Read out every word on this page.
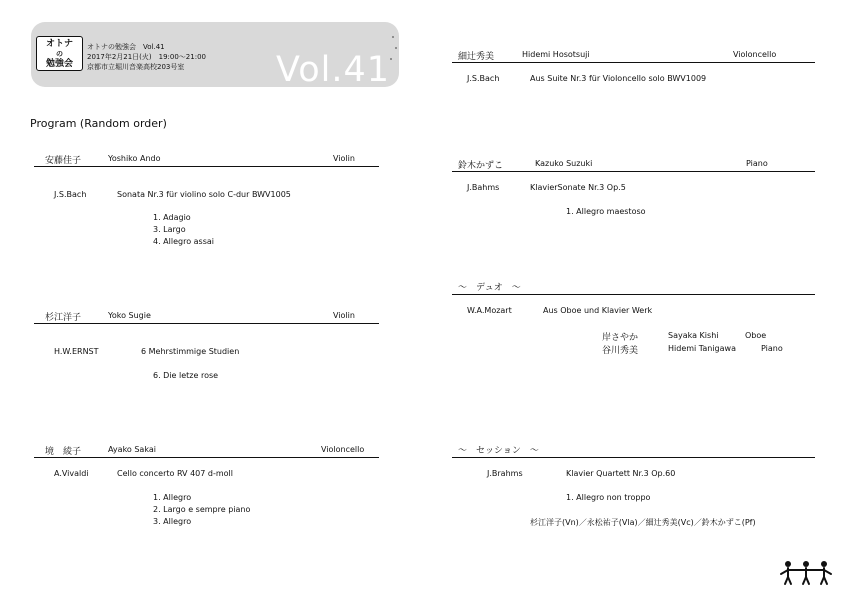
オトナ
の
勉強会
オトナの勉強会　Vol.41
2017年2月21日(火)　19:00～21:00
京都市立堀川音楽高校203号室	Vol.41
Program (Random order)
安藤佳子	Yoshiko Ando	Violin
J.S.Bach	Sonata Nr.3 für violino solo C-dur BWV1005
1. Adagio
3. Largo
4. Allegro assai
杉江洋子	Yoko Sugie	Violin
H.W.ERNST	6 Mehrstimmige Studien
6. Die letze rose
境　綾子	Ayako Sakai	Violoncello
A.Vivaldi	Cello concerto RV 407 d-moll
1. Allegro
2. Largo e sempre piano
3. Allegro
細辻秀美	Hidemi Hosotsuji	Violoncello
J.S.Bach	Aus Suite Nr.3 für Violoncello solo BWV1009
鈴木かずこ	Kazuko Suzuki	Piano
J.Bahms	KlavierSonate Nr.3 Op.5
1. Allegro maestoso
～　デュオ　～
W.A.Mozart	Aus Oboe und Klavier Werk
岸さやか	Sayaka Kishi	Oboe
谷川秀美	Hidemi Tanigawa	Piano
～　セッション　～
J.Brahms	Klavier Quartett Nr.3 Op.60
1. Allegro non troppo
杉江洋子(Vn)／永松祐子(Vla)／細辻秀美(Vc)／鈴木かずこ(Pf)
